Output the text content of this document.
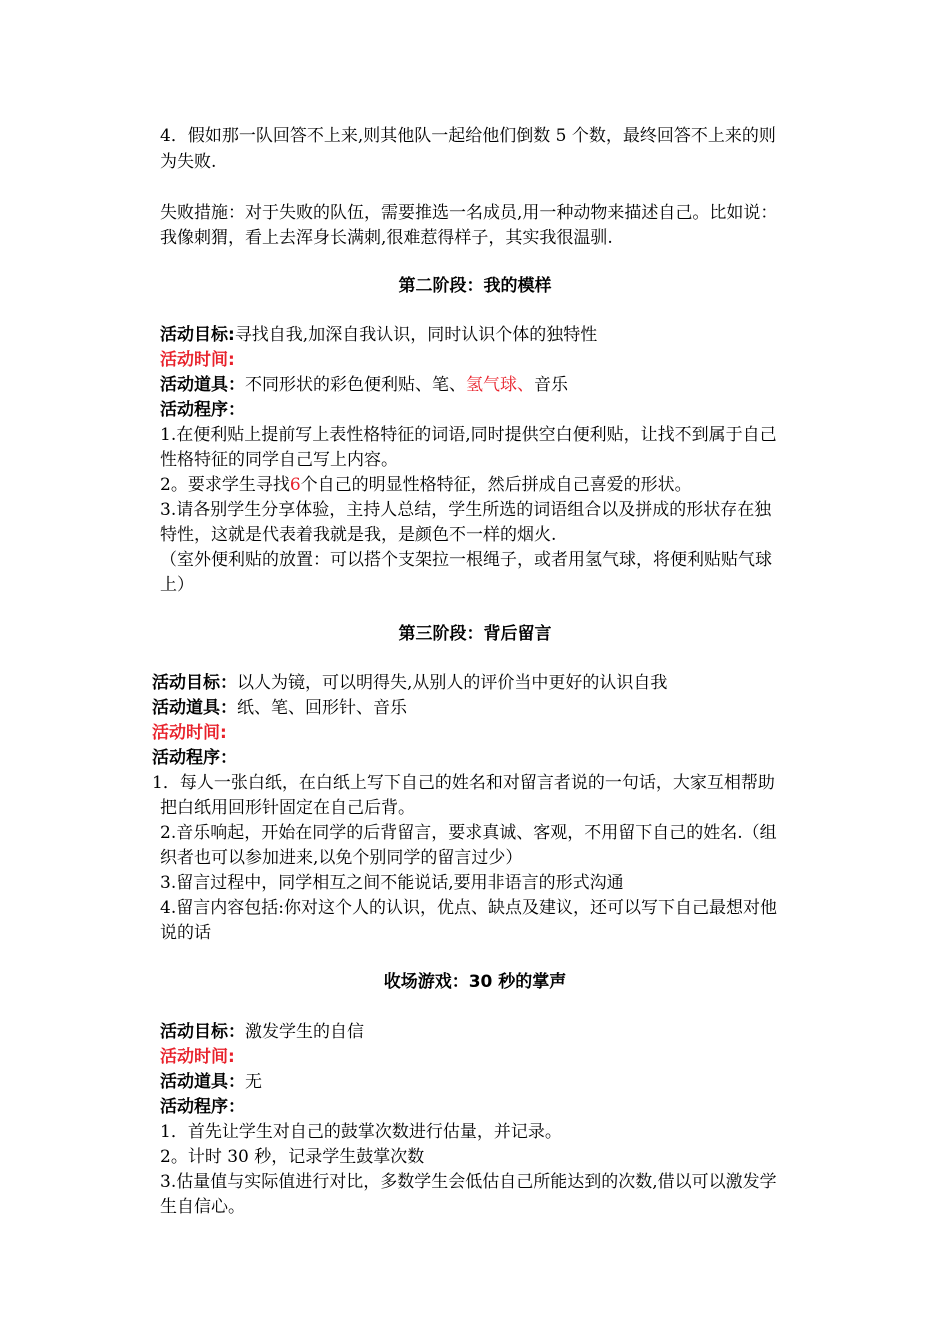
4．假如那一队回答不上来,则其他队一起给他们倒数 5 个数，最终回答不上来的则
为失败.
失败措施：对于失败的队伍，需要推选一名成员,用一种动物来描述自己。比如说：
我像刺猬，看上去浑身长满刺,很难惹得样子，其实我很温驯.
第二阶段：我的模样
活动目标:寻找自我,加深自我认识，同时认识个体的独特性
活动时间:
活动道具：不同形状的彩色便利贴、笔、氢气球、音乐
活动程序：
1.在便利贴上提前写上表性格特征的词语,同时提供空白便利贴，让找不到属于自己
性格特征的同学自己写上内容。
2。要求学生寻找6个自己的明显性格特征，然后拼成自己喜爱的形状。
3.请各别学生分享体验，主持人总结，学生所选的词语组合以及拼成的形状存在独
特性，这就是代表着我就是我，是颜色不一样的烟火.
（室外便利贴的放置：可以搭个支架拉一根绳子，或者用氢气球，将便利贴贴气球
上）
第三阶段：背后留言
活动目标：以人为镜，可以明得失,从别人的评价当中更好的认识自我
活动道具：纸、笔、回形针、音乐
活动时间:
活动程序：
1．每人一张白纸，在白纸上写下自己的姓名和对留言者说的一句话，大家互相帮助
把白纸用回形针固定在自己后背。
2.音乐响起，开始在同学的后背留言，要求真诚、客观，不用留下自己的姓名.（组
织者也可以参加进来,以免个别同学的留言过少）
3.留言过程中，同学相互之间不能说话,要用非语言的形式沟通
4.留言内容包括:你对这个人的认识，优点、缺点及建议，还可以写下自己最想对他
说的话
收场游戏：30 秒的掌声
活动目标：激发学生的自信
活动时间:
活动道具：无
活动程序：
1．首先让学生对自己的鼓掌次数进行估量，并记录。
2。计时 30 秒，记录学生鼓掌次数
3.估量值与实际值进行对比，多数学生会低估自己所能达到的次数,借以可以激发学
生自信心。
